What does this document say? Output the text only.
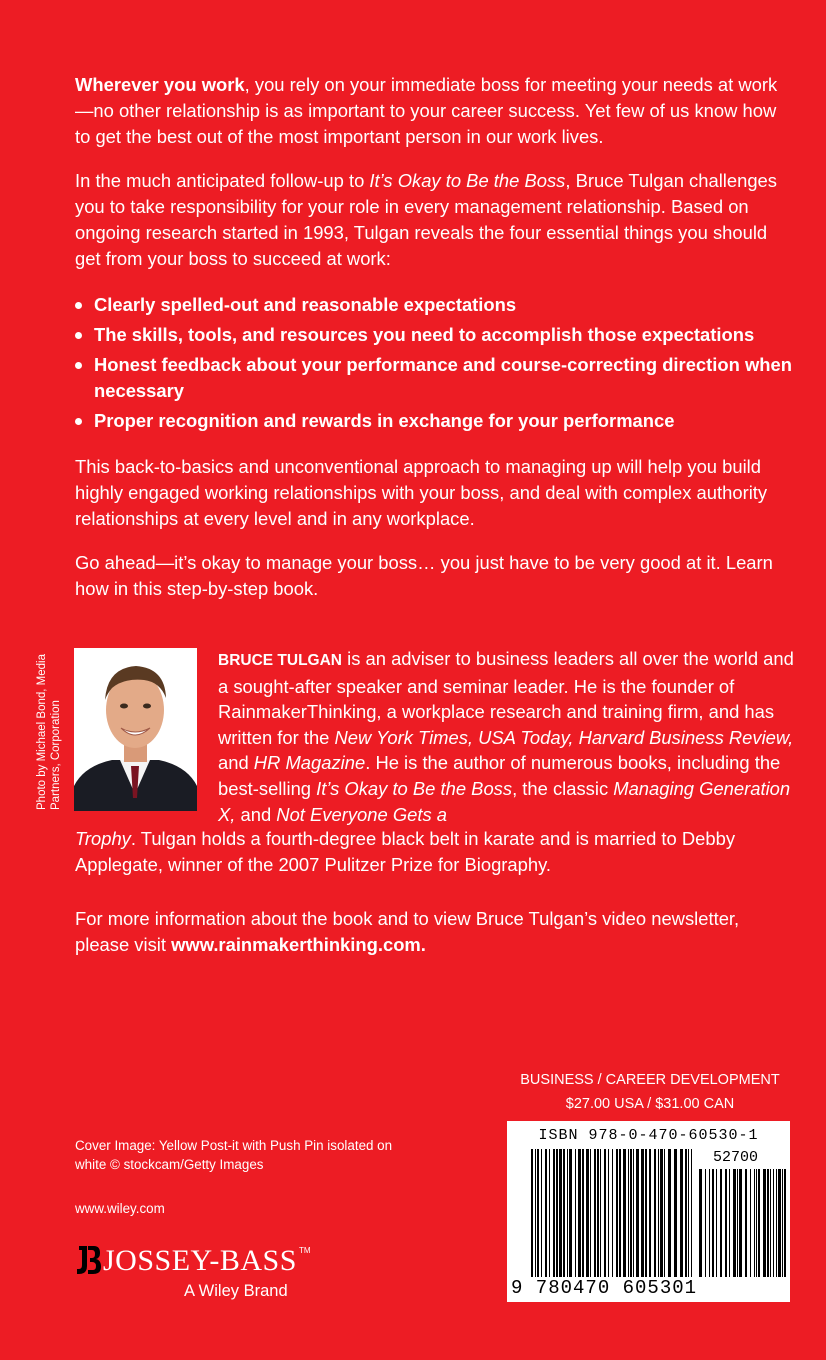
Wherever you work, you rely on your immediate boss for meeting your needs at work—no other relationship is as important to your career success. Yet few of us know how to get the best out of the most important person in our work lives.

In the much anticipated follow-up to It’s Okay to Be the Boss, Bruce Tulgan challenges you to take responsibility for your role in every management relationship. Based on ongoing research started in 1993, Tulgan reveals the four essential things you should get from your boss to succeed at work:

Clearly spelled-out and reasonable expectations
The skills, tools, and resources you need to accomplish those expectations
Honest feedback about your performance and course-correcting direction when necessary
Proper recognition and rewards in exchange for your performance

This back-to-basics and unconventional approach to managing up will help you build highly engaged working relationships with your boss, and deal with complex authority relationships at every level and in any workplace.

Go ahead—it’s okay to manage your boss… you just have to be very good at it. Learn how in this step-by-step book.

Photo by Michael Bond, Media Partners, Corporation

BRUCE TULGAN is an adviser to business leaders all over the world and a sought-after speaker and seminar leader. He is the founder of RainmakerThinking, a workplace research and training firm, and has written for the New York Times, USA Today, Harvard Business Review, and HR Magazine. He is the author of numerous books, including the best-selling It’s Okay to Be the Boss, the classic Managing Generation X, and Not Everyone Gets a

Trophy. Tulgan holds a fourth-degree black belt in karate and is married to Debby Applegate, winner of the 2007 Pulitzer Prize for Biography.

For more information about the book and to view Bruce Tulgan’s video newsletter, please visit www.rainmakerthinking.com.

BUSINESS / CAREER DEVELOPMENT
$27.00 USA / $31.00 CAN
Cover Image: Yellow Post-it with Push Pin isolated on white © stockcam/Getty Images
www.wiley.com
JOSSEY-BASS TM
A Wiley Brand
ISBN 978-0-470-60530-1
52700
9 780470 605301
